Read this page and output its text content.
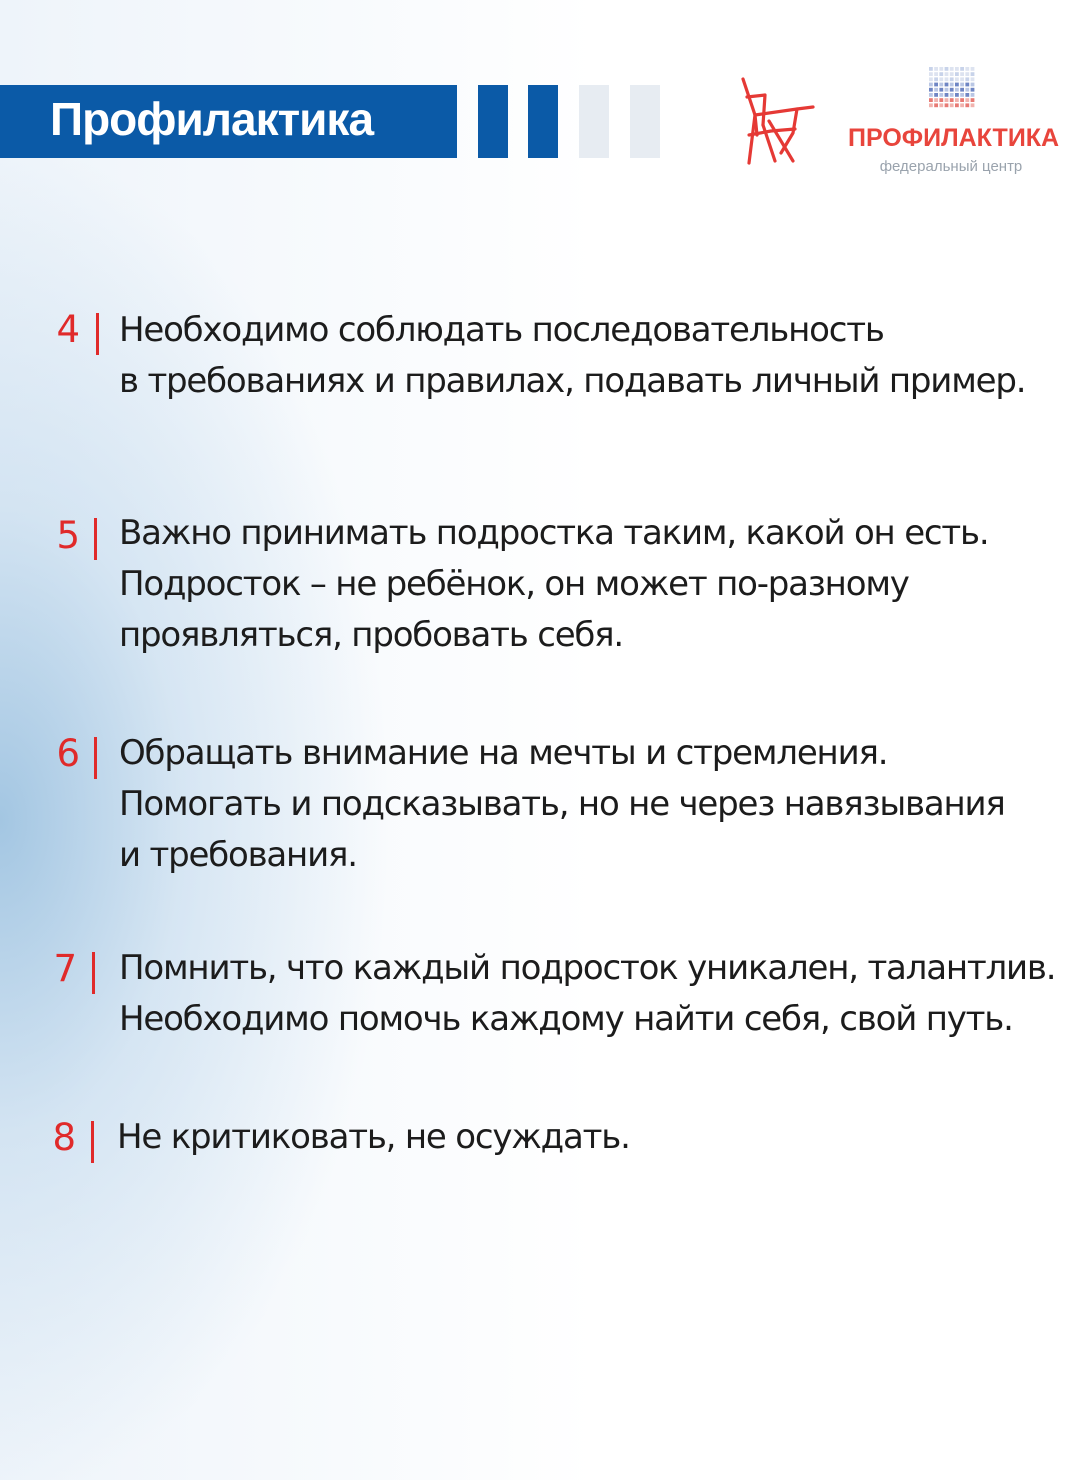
Профилактика	ПРОФИЛАКТИКА
федеральный центр
4 Необходимо соблюдать последовательность
в требованиях и правилах, подавать личный пример.
5 Важно принимать подростка таким, какой он есть.
Подросток – не ребёнок, он может по-разному
проявляться, пробовать себя.
6 Обращать внимание на мечты и стремления.
Помогать и подсказывать, но не через навязывания
и требования.
7 Помнить, что каждый подросток уникален, талантлив.
Необходимо помочь каждому найти себя, свой путь.
8 Не критиковать, не осуждать.
